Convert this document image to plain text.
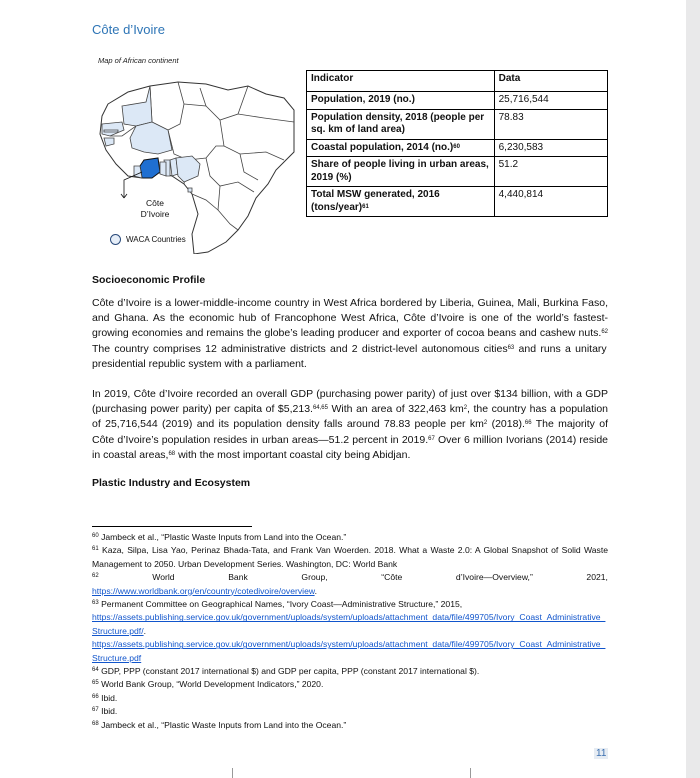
Côte d’Ivoire
Map of African continent
Côte
D’Ivoire
WACA Countries
Indicator	Data
Population, 2019 (no.)	25,716,544
Population density, 2018 (people per sq. km of land area)	78.83
Coastal population, 2014 $(no.)^{60}$	6,230,583
Share of people living in urban areas, 2019 (%)	51.2
Total MSW generated, 2016 (tons/year)$^{61}$	4,440,814
Socioeconomic Profile

Côte d’Ivoire is a lower-middle-income country in West Africa bordered by Liberia, Guinea, Mali, Burkina Faso, and Ghana. As the economic hub of Francophone West Africa, Côte d’Ivoire is one of the world’s fastest-growing economies and remains the globe’s leading producer and exporter of cocoa beans and cashew nuts.$^{62}$ The country comprises 12 administrative districts and 2 district-level autonomous cities$^{63}$ and runs a unitary presidential republic system with a parliament.

In 2019, Côte d’Ivoire recorded an overall GDP (purchasing power parity) of just over $134 billion, with a GDP (purchasing power parity) per capita of $5,213.$^{64,65}$ With an area of 322,463 $km^2$, the country has a population of 25,716,544 (2019) and its population density falls around 78.83 people per $km^2$ (2018).$^{66}$ The majority of Côte d’Ivoire’s population resides in urban areas—51.2 percent in 2019.67 Over 6 million Ivorians (2014) reside in coastal areas,$^{68}$ with the most important coastal city being Abidjan.

Plastic Industry and Ecosystem

$^{60}$ Jambeck et al., “Plastic Waste Inputs from Land into the Ocean.”

$^{61}$ Kaza, Silpa, Lisa Yao, Perinaz Bhada-Tata, and Frank Van Woerden. 2018. What a Waste 2.0: A Global Snapshot of Solid Waste Management to 2050. Urban Development Series. Washington, DC: World Bank

$^{62}$	World	Bank	Group,	“Côte	d’Ivoire—Overview,”	2021,

https://www.worldbank.org/en/country/cotedivoire/overview.

$^{63}$ Permanent Committee on Geographical Names, “Ivory Coast—Administrative Structure,” 2015,

https://assets.publishing.service.gov.uk/government/uploads/system/uploads/attachment_data/file/499705/Ivory_Coast_Administrative_Structure.pdf/.

https://assets.publishing.service.gov.uk/government/uploads/system/uploads/attachment_data/file/499705/Ivory_Coast_Administrative_Structure.pdf

$^{64}$ GDP, PPP (constant 2017 international $) and GDP per capita, PPP (constant 2017 international $).

$^{65}$ World Bank Group, “World Development Indicators,” 2020.

$^{66}$ Ibid.

$^{67}$ Ibid.

$^{68}$ Jambeck et al., “Plastic Waste Inputs from Land into the Ocean.”

11
